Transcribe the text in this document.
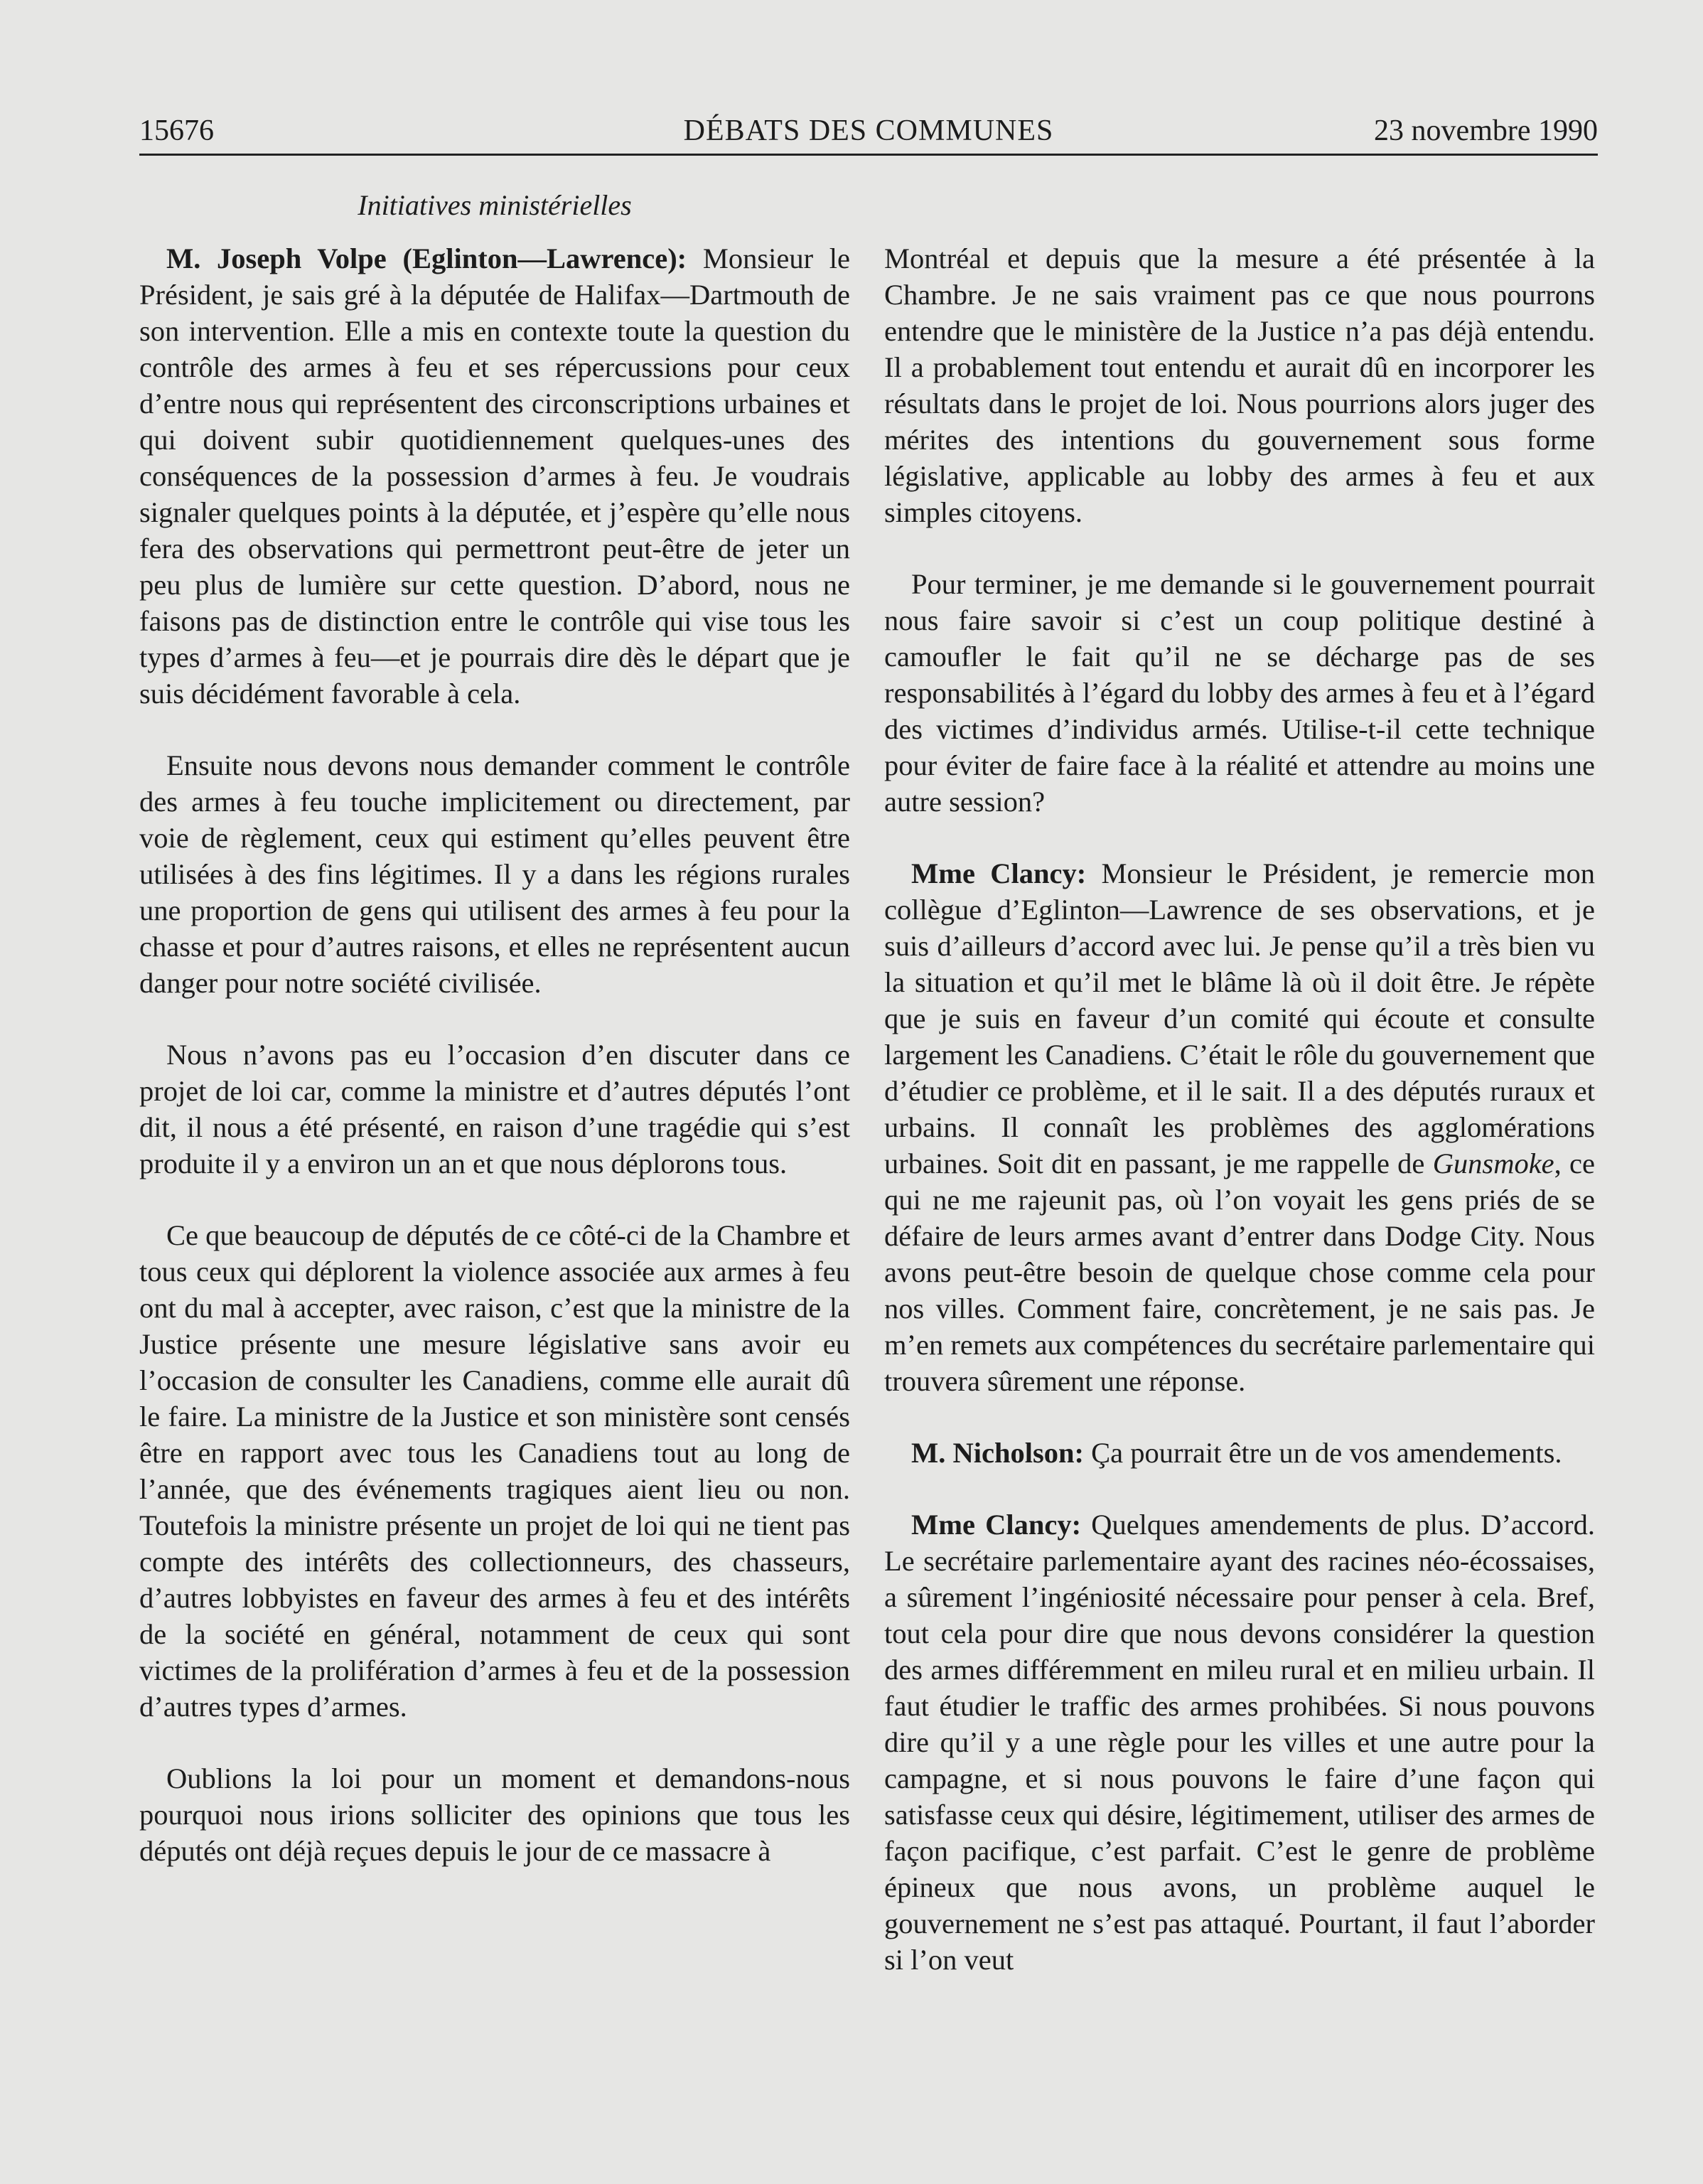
15676	DÉBATS DES COMMUNES	23 novembre 1990
Initiatives ministérielles

M. Joseph Volpe (Eglinton—Lawrence): Monsieur le Président, je sais gré à la députée de Halifax—Dartmouth de son intervention. Elle a mis en contexte toute la question du contrôle des armes à feu et ses répercussions pour ceux d’entre nous qui représentent des circonscriptions urbaines et qui doivent subir quotidiennement quelques-unes des conséquences de la possession d’armes à feu. Je voudrais signaler quelques points à la députée, et j’espère qu’elle nous fera des observations qui permettront peut-être de jeter un peu plus de lumière sur cette question. D’abord, nous ne faisons pas de distinction entre le contrôle qui vise tous les types d’armes à feu—et je pourrais dire dès le départ que je suis décidément favorable à cela.

Ensuite nous devons nous demander comment le contrôle des armes à feu touche implicitement ou directement, par voie de règlement, ceux qui estiment qu’elles peuvent être utilisées à des fins légitimes. Il y a dans les régions rurales une proportion de gens qui utilisent des armes à feu pour la chasse et pour d’autres raisons, et elles ne représentent aucun danger pour notre société civilisée.

Nous n’avons pas eu l’occasion d’en discuter dans ce projet de loi car, comme la ministre et d’autres députés l’ont dit, il nous a été présenté, en raison d’une tragédie qui s’est produite il y a environ un an et que nous déplorons tous.

Ce que beaucoup de députés de ce côté-ci de la Chambre et tous ceux qui déplorent la violence associée aux armes à feu ont du mal à accepter, avec raison, c’est que la ministre de la Justice présente une mesure législative sans avoir eu l’occasion de consulter les Canadiens, comme elle aurait dû le faire. La ministre de la Justice et son ministère sont censés être en rapport avec tous les Canadiens tout au long de l’année, que des événements tragiques aient lieu ou non. Toutefois la ministre présente un projet de loi qui ne tient pas compte des intérêts des collectionneurs, des chasseurs, d’autres lobbyistes en faveur des armes à feu et des intérêts de la société en général, notamment de ceux qui sont victimes de la prolifération d’armes à feu et de la possession d’autres types d’armes.

Oublions la loi pour un moment et demandons-nous pourquoi nous irions solliciter des opinions que tous les députés ont déjà reçues depuis le jour de ce massacre à

Montréal et depuis que la mesure a été présentée à la Chambre. Je ne sais vraiment pas ce que nous pourrons entendre que le ministère de la Justice n’a pas déjà entendu. Il a probablement tout entendu et aurait dû en incorporer les résultats dans le projet de loi. Nous pourrions alors juger des mérites des intentions du gouvernement sous forme législative, applicable au lobby des armes à feu et aux simples citoyens.

Pour terminer, je me demande si le gouvernement pourrait nous faire savoir si c’est un coup politique destiné à camoufler le fait qu’il ne se décharge pas de ses responsabilités à l’égard du lobby des armes à feu et à l’égard des victimes d’individus armés. Utilise-t-il cette technique pour éviter de faire face à la réalité et attendre au moins une autre session?

Mme Clancy: Monsieur le Président, je remercie mon collègue d’Eglinton—Lawrence de ses observations, et je suis d’ailleurs d’accord avec lui. Je pense qu’il a très bien vu la situation et qu’il met le blâme là où il doit être. Je répète que je suis en faveur d’un comité qui écoute et consulte largement les Canadiens. C’était le rôle du gouvernement que d’étudier ce problème, et il le sait. Il a des députés ruraux et urbains. Il connaît les problèmes des agglomérations urbaines. Soit dit en passant, je me rappelle de Gunsmoke, ce qui ne me rajeunit pas, où l’on voyait les gens priés de se défaire de leurs armes avant d’entrer dans Dodge City. Nous avons peut-être besoin de quelque chose comme cela pour nos villes. Comment faire, concrètement, je ne sais pas. Je m’en remets aux compétences du secrétaire parlementaire qui trouvera sûrement une réponse.

M. Nicholson: Ça pourrait être un de vos amendements.

Mme Clancy: Quelques amendements de plus. D’accord. Le secrétaire parlementaire ayant des racines néo-écossaises, a sûrement l’ingéniosité nécessaire pour penser à cela. Bref, tout cela pour dire que nous devons considérer la question des armes différemment en mileu rural et en milieu urbain. Il faut étudier le traffic des armes prohibées. Si nous pouvons dire qu’il y a une règle pour les villes et une autre pour la campagne, et si nous pouvons le faire d’une façon qui satisfasse ceux qui désire, légitimement, utiliser des armes de façon pacifique, c’est parfait. C’est le genre de problème épineux que nous avons, un problème auquel le gouvernement ne s’est pas attaqué. Pourtant, il faut l’aborder si l’on veut
